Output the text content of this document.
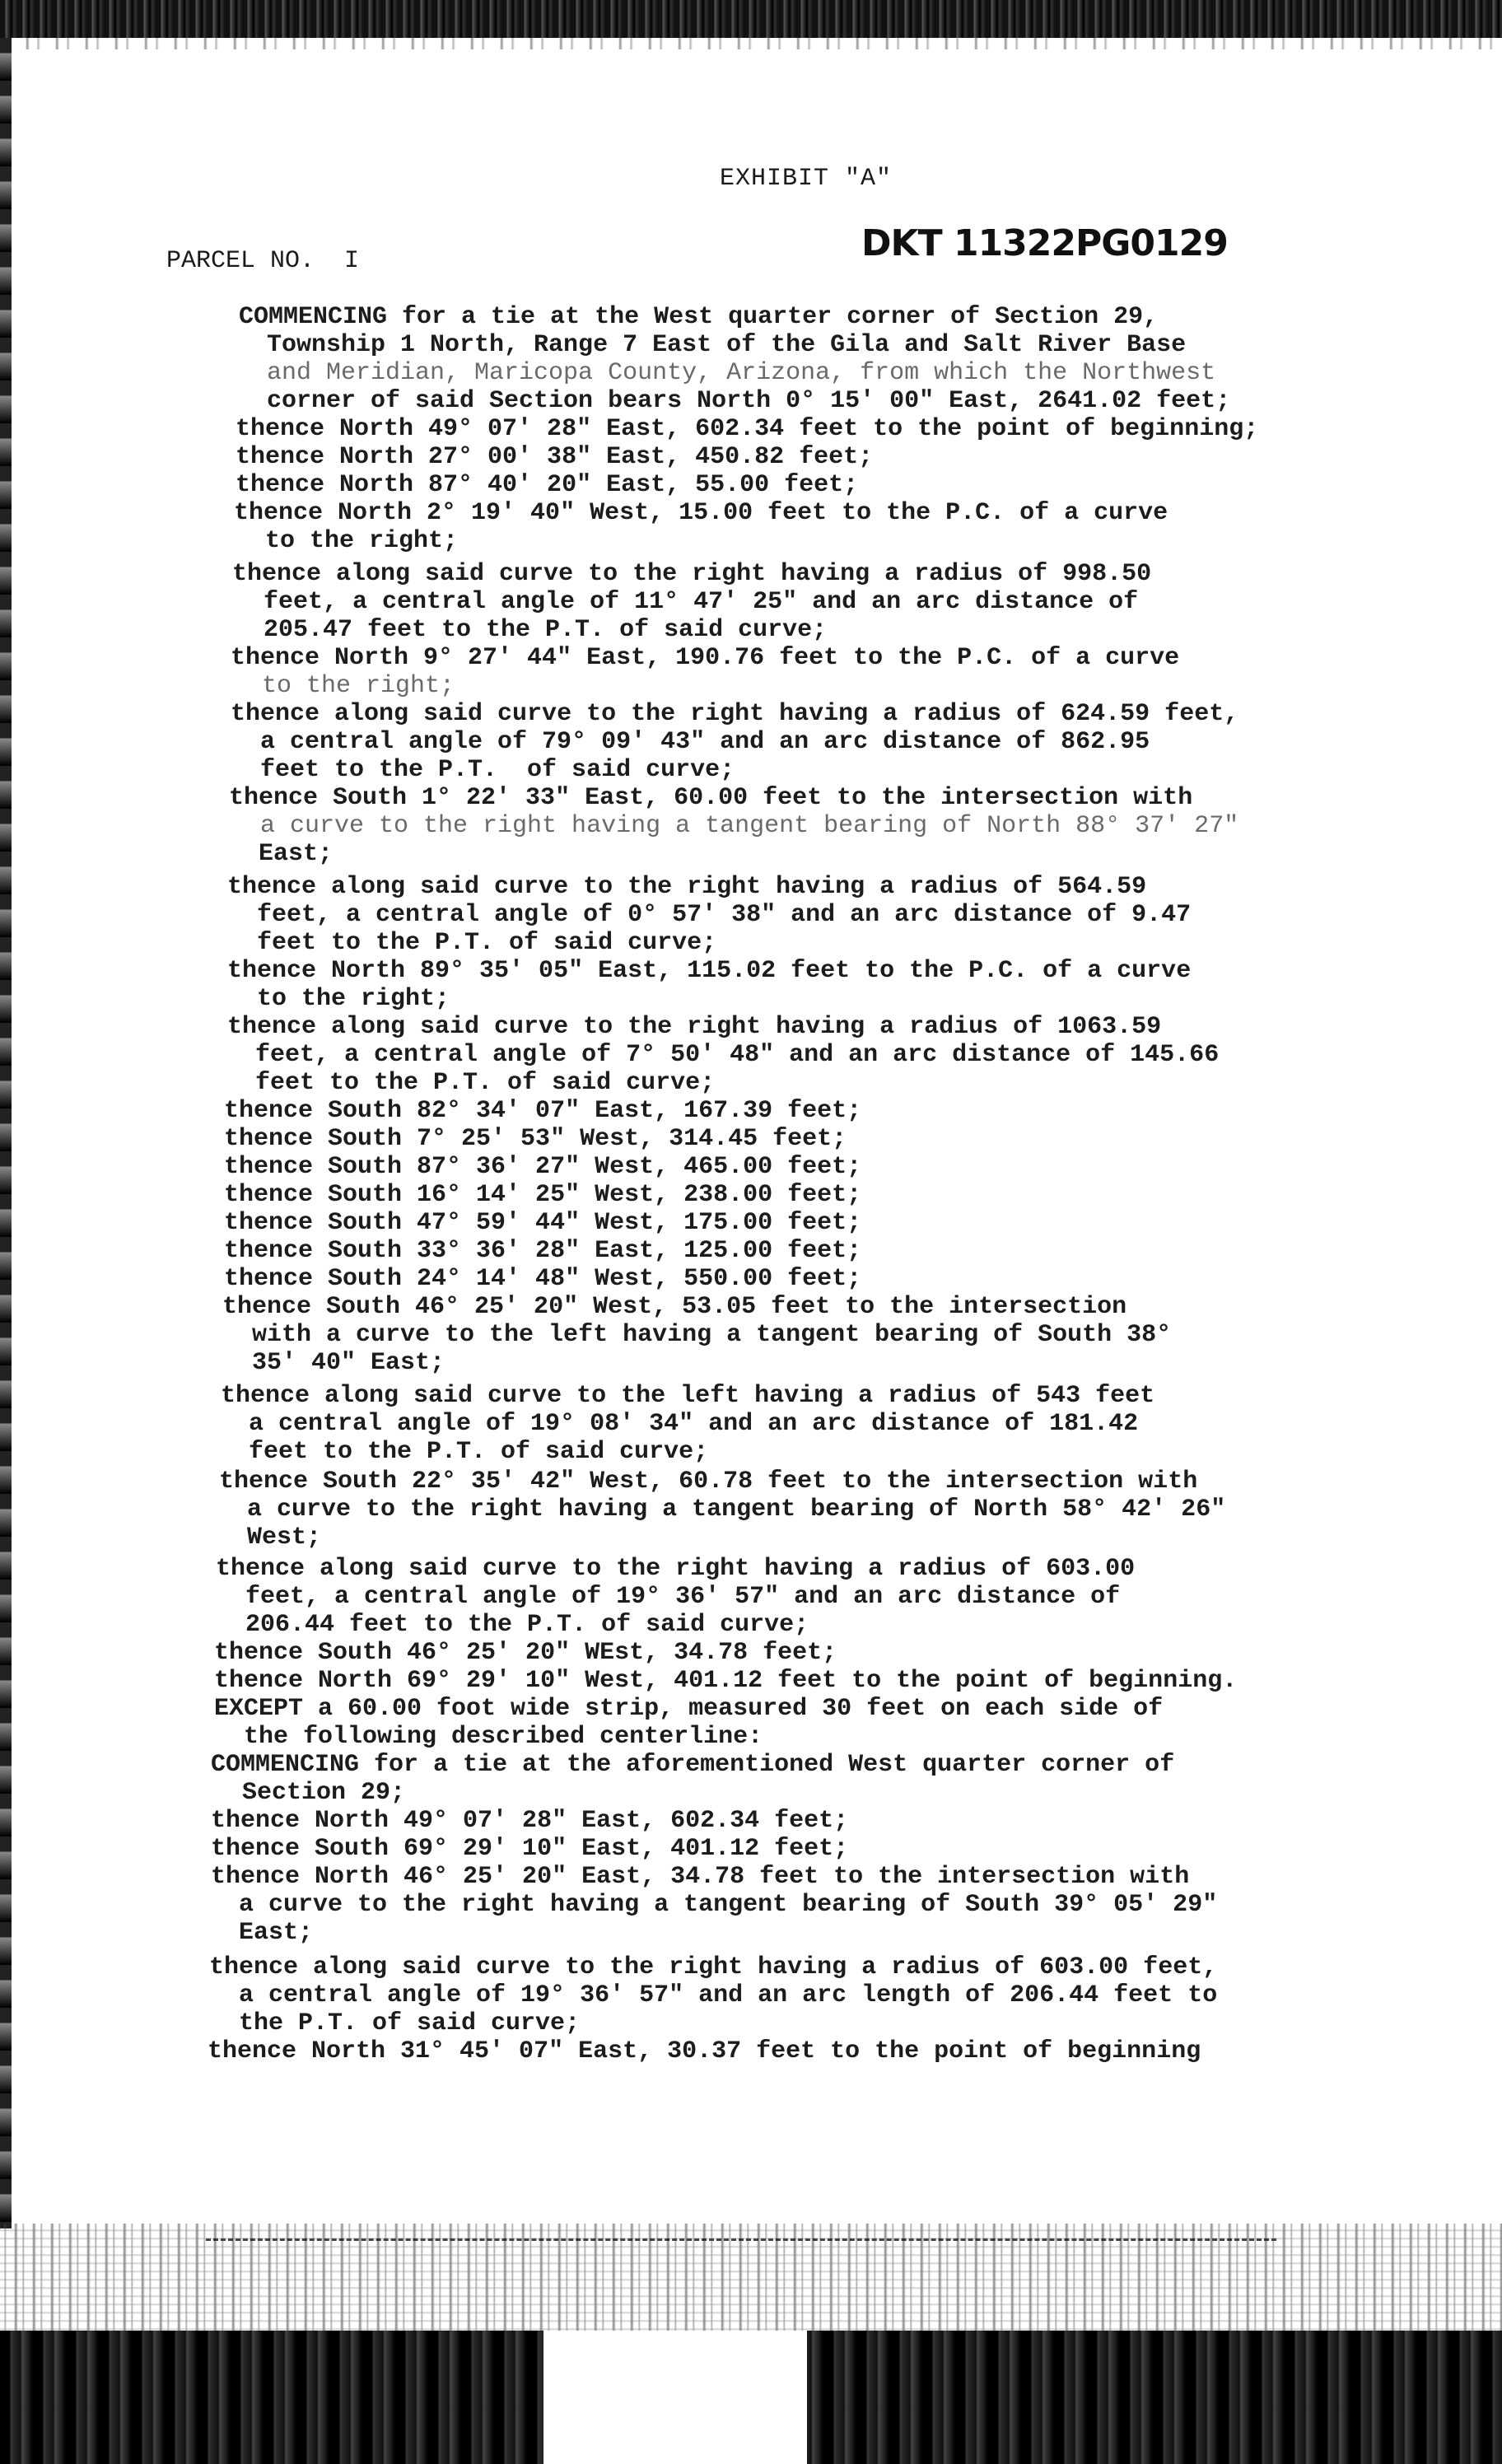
EXHIBIT "A"
PARCEL NO.  I	DKT 11322PG0129
COMMENCING for a tie at the West quarter corner of Section 29,
Township 1 North, Range 7 East of the Gila and Salt River Base
and Meridian, Maricopa County, Arizona, from which the Northwest
corner of said Section bears North 0° 15' 00" East, 2641.02 feet;
thence North 49° 07' 28" East, 602.34 feet to the point of beginning;
thence North 27° 00' 38" East, 450.82 feet;
thence North 87° 40' 20" East, 55.00 feet;
thence North 2° 19' 40" West, 15.00 feet to the P.C. of a curve
to the right;
thence along said curve to the right having a radius of 998.50
feet, a central angle of 11° 47' 25" and an arc distance of
205.47 feet to the P.T. of said curve;
thence North 9° 27' 44" East, 190.76 feet to the P.C. of a curve
to the right;
thence along said curve to the right having a radius of 624.59 feet,
a central angle of 79° 09' 43" and an arc distance of 862.95
feet to the P.T.  of said curve;
thence South 1° 22' 33" East, 60.00 feet to the intersection with
a curve to the right having a tangent bearing of North 88° 37' 27"
East;
thence along said curve to the right having a radius of 564.59
feet, a central angle of 0° 57' 38" and an arc distance of 9.47
feet to the P.T. of said curve;
thence North 89° 35' 05" East, 115.02 feet to the P.C. of a curve
to the right;
thence along said curve to the right having a radius of 1063.59
feet, a central angle of 7° 50' 48" and an arc distance of 145.66
feet to the P.T. of said curve;
thence South 82° 34' 07" East, 167.39 feet;
thence South 7° 25' 53" West, 314.45 feet;
thence South 87° 36' 27" West, 465.00 feet;
thence South 16° 14' 25" West, 238.00 feet;
thence South 47° 59' 44" West, 175.00 feet;
thence South 33° 36' 28" East, 125.00 feet;
thence South 24° 14' 48" West, 550.00 feet;
thence South 46° 25' 20" West, 53.05 feet to the intersection
with a curve to the left having a tangent bearing of South 38°
35' 40" East;
thence along said curve to the left having a radius of 543 feet
a central angle of 19° 08' 34" and an arc distance of 181.42
feet to the P.T. of said curve;
thence South 22° 35' 42" West, 60.78 feet to the intersection with
a curve to the right having a tangent bearing of North 58° 42' 26"
West;
thence along said curve to the right having a radius of 603.00
feet, a central angle of 19° 36' 57" and an arc distance of
206.44 feet to the P.T. of said curve;
thence South 46° 25' 20" WEst, 34.78 feet;
thence North 69° 29' 10" West, 401.12 feet to the point of beginning.
EXCEPT a 60.00 foot wide strip, measured 30 feet on each side of
the following described centerline:
COMMENCING for a tie at the aforementioned West quarter corner of
Section 29;
thence North 49° 07' 28" East, 602.34 feet;
thence South 69° 29' 10" East, 401.12 feet;
thence North 46° 25' 20" East, 34.78 feet to the intersection with
a curve to the right having a tangent bearing of South 39° 05' 29"
East;
thence along said curve to the right having a radius of 603.00 feet,
a central angle of 19° 36' 57" and an arc length of 206.44 feet to
the P.T. of said curve;
thence North 31° 45' 07" East, 30.37 feet to the point of beginning
